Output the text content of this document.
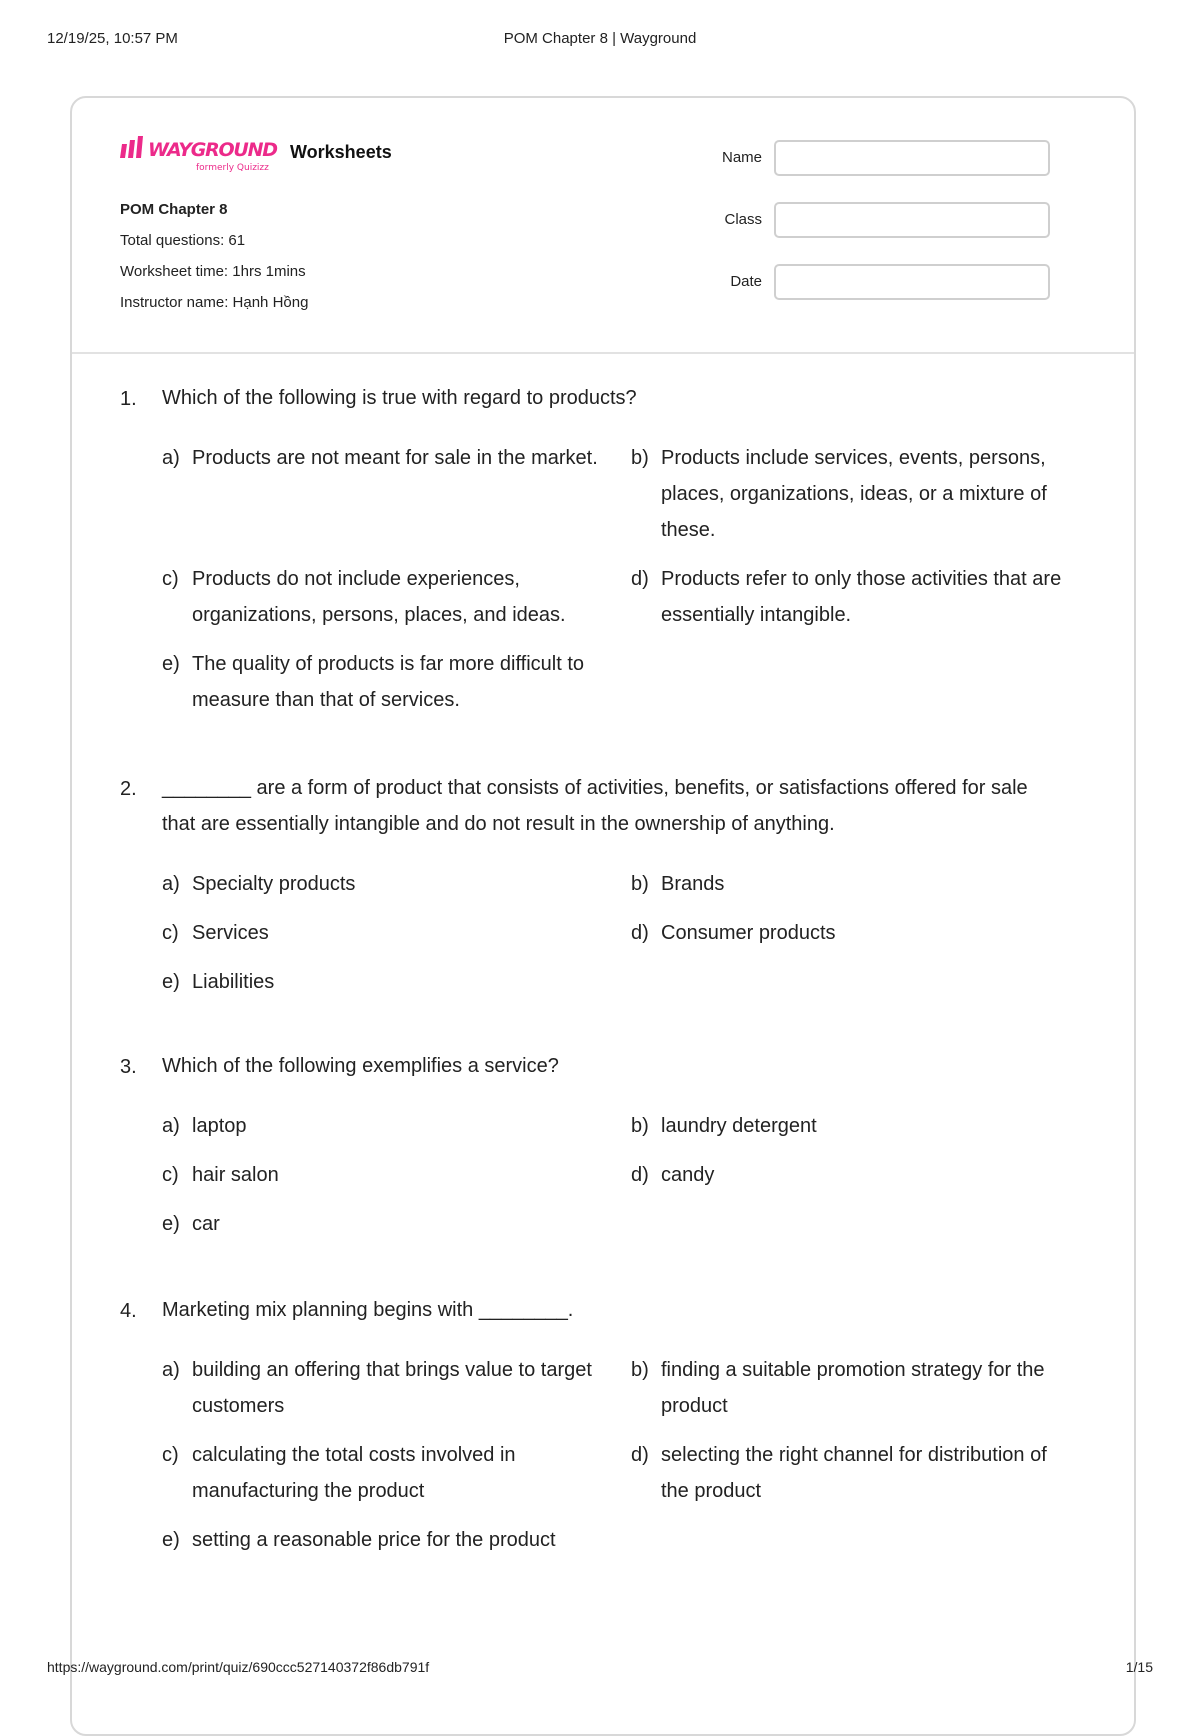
12/19/25, 10:57 PM	POM Chapter 8 | Wayground
WAYGROUND
formerly Quizizz
Worksheets
POM Chapter 8
Total questions: 61
Worksheet time: 1hrs 1mins
Instructor name: Hạnh Hồng
Name
Class
Date
1. Which of the following is true with regard to products?
a) Products are not meant for sale in the market.	b) Products include services, events, persons, places, organizations, ideas, or a mixture of these.
c) Products do not include experiences, organizations, persons, places, and ideas.
d) Products refer to only those activities that are essentially intangible.
e) The quality of products is far more difficult to measure than that of services.
2. ________ are a form of product that consists of activities, benefits, or satisfactions offered for sale that are essentially intangible and do not result in the ownership of anything.
a) Specialty products	b) Brands
c) Services	d) Consumer products
e) Liabilities
3. Which of the following exemplifies a service?
a) laptop	b) laundry detergent
c) hair salon	d) candy
e) car
4. Marketing mix planning begins with ________.
a) building an offering that brings value to target customers
b) finding a suitable promotion strategy for the product
c) calculating the total costs involved in manufacturing the product
d) selecting the right channel for distribution of the product
e) setting a reasonable price for the product
https://wayground.com/print/quiz/690ccc527140372f86db791f	1/15
